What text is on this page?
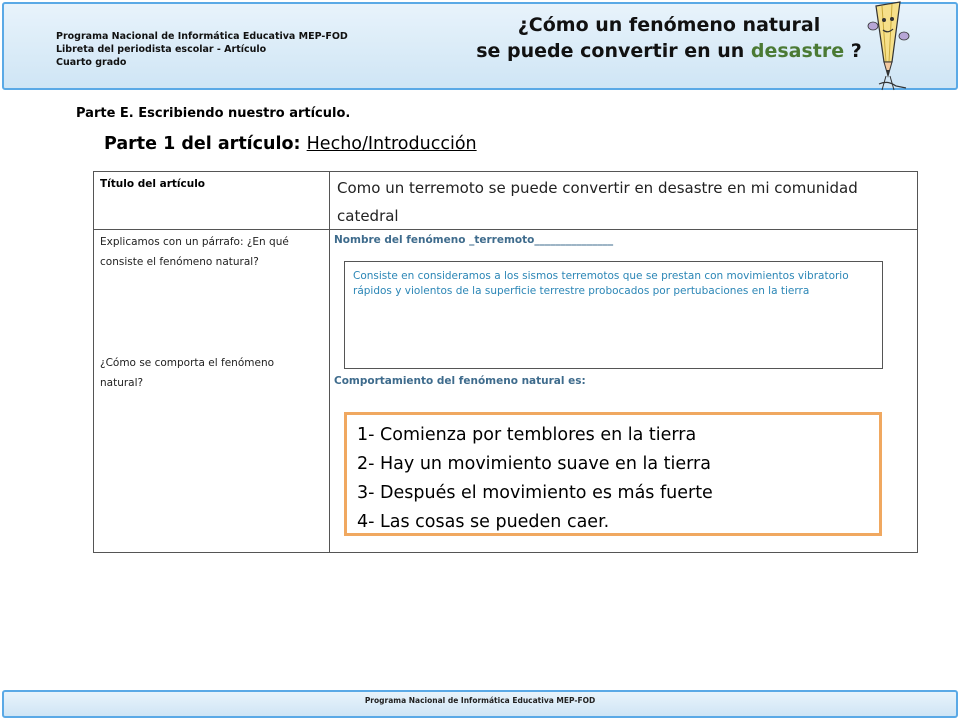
Programa Nacional de Informática Educativa MEP-FOD
Libreta del periodista escolar - Artículo
Cuarto grado
¿Cómo un fenómeno natural
se puede convertir en un desastre ?
Parte E. Escribiendo nuestro artículo.
Parte 1 del artículo: Hecho/Introducción
Título del artículo	Como un terremoto se puede convertir en desastre en mi comunidad catedral
Explicamos con un párrafo: ¿En qué consiste el fenómeno natural?
¿Cómo se comporta el fenómeno natural?
Nombre del fenómeno _terremoto_______________
Comportamiento del fenómeno natural es:
Consiste en consideramos a los sismos terremotos que se prestan con movimientos vibratorio rápidos y violentos de la superficie terrestre probocados por pertubaciones en la tierra
1- Comienza por temblores en la tierra
2- Hay un movimiento suave en la tierra
3- Después el movimiento es más fuerte
4- Las cosas se pueden caer.
Programa Nacional de Informática Educativa MEP-FOD
